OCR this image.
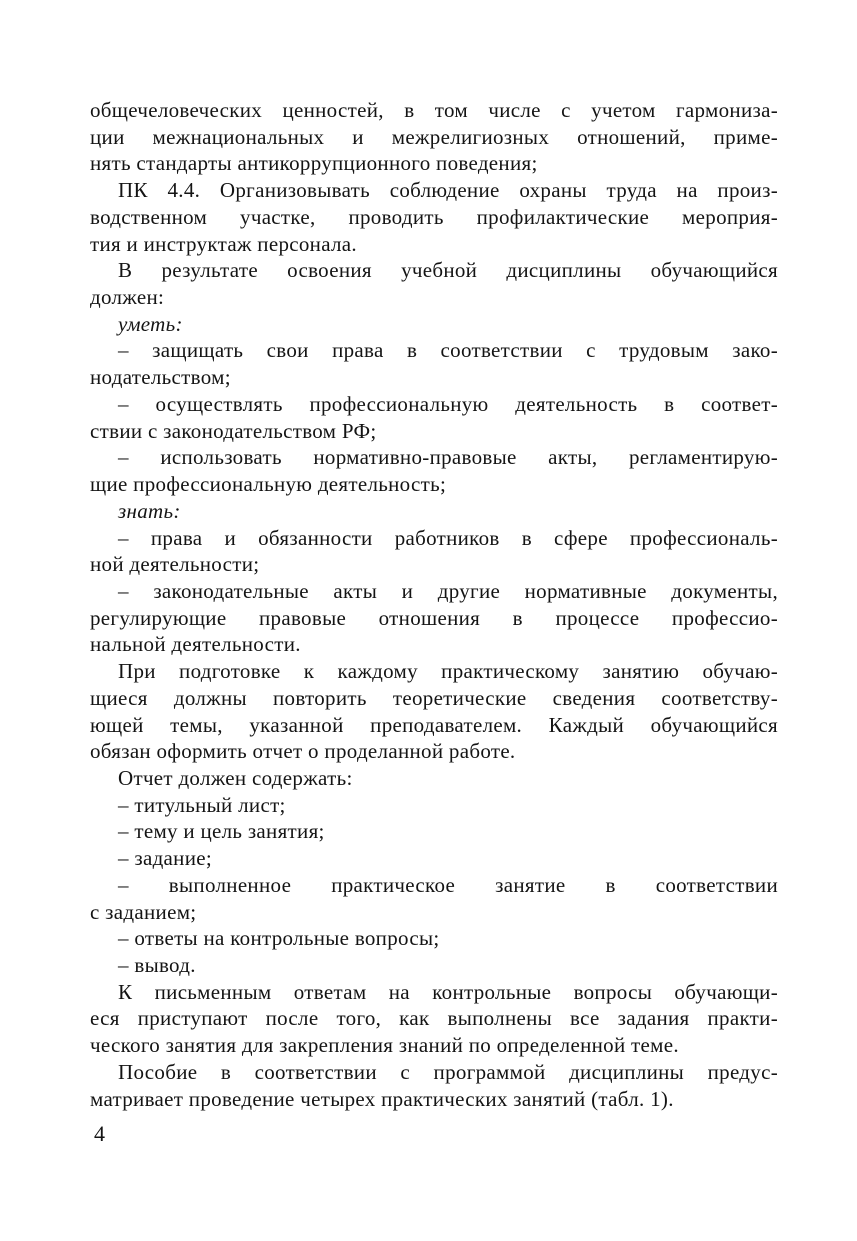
общечеловеческих ценностей, в том числе с учетом гармониза-
ции межнациональных и межрелигиозных отношений, приме-
нять стандарты антикоррупционного поведения;
ПК 4.4. Организовывать соблюдение охраны труда на произ-
водственном участке, проводить профилактические мероприя-
тия и инструктаж персонала.
В результате освоения учебной дисциплины обучающийся
должен:
уметь:
– защищать свои права в соответствии с трудовым зако-
нодательством;
– осуществлять профессиональную деятельность в соответ-
ствии с законодательством РФ;
– использовать нормативно-правовые акты, регламентирую-
щие профессиональную деятельность;
знать:
– права и обязанности работников в сфере профессиональ-
ной деятельности;
– законодательные акты и другие нормативные документы,
регулирующие правовые отношения в процессе профессио-
нальной деятельности.
При подготовке к каждому практическому занятию обучаю-
щиеся должны повторить теоретические сведения соответству-
ющей темы, указанной преподавателем. Каждый обучающийся
обязан оформить отчет о проделанной работе.
Отчет должен содержать:
– титульный лист;
– тему и цель занятия;
– задание;
– выполненное практическое занятие в соответствии
с заданием;
– ответы на контрольные вопросы;
– вывод.
К письменным ответам на контрольные вопросы обучающи-
еся приступают после того, как выполнены все задания практи-
ческого занятия для закрепления знаний по определенной теме.
Пособие в соответствии с программой дисциплины предус-
матривает проведение четырех практических занятий (табл. 1).
4
